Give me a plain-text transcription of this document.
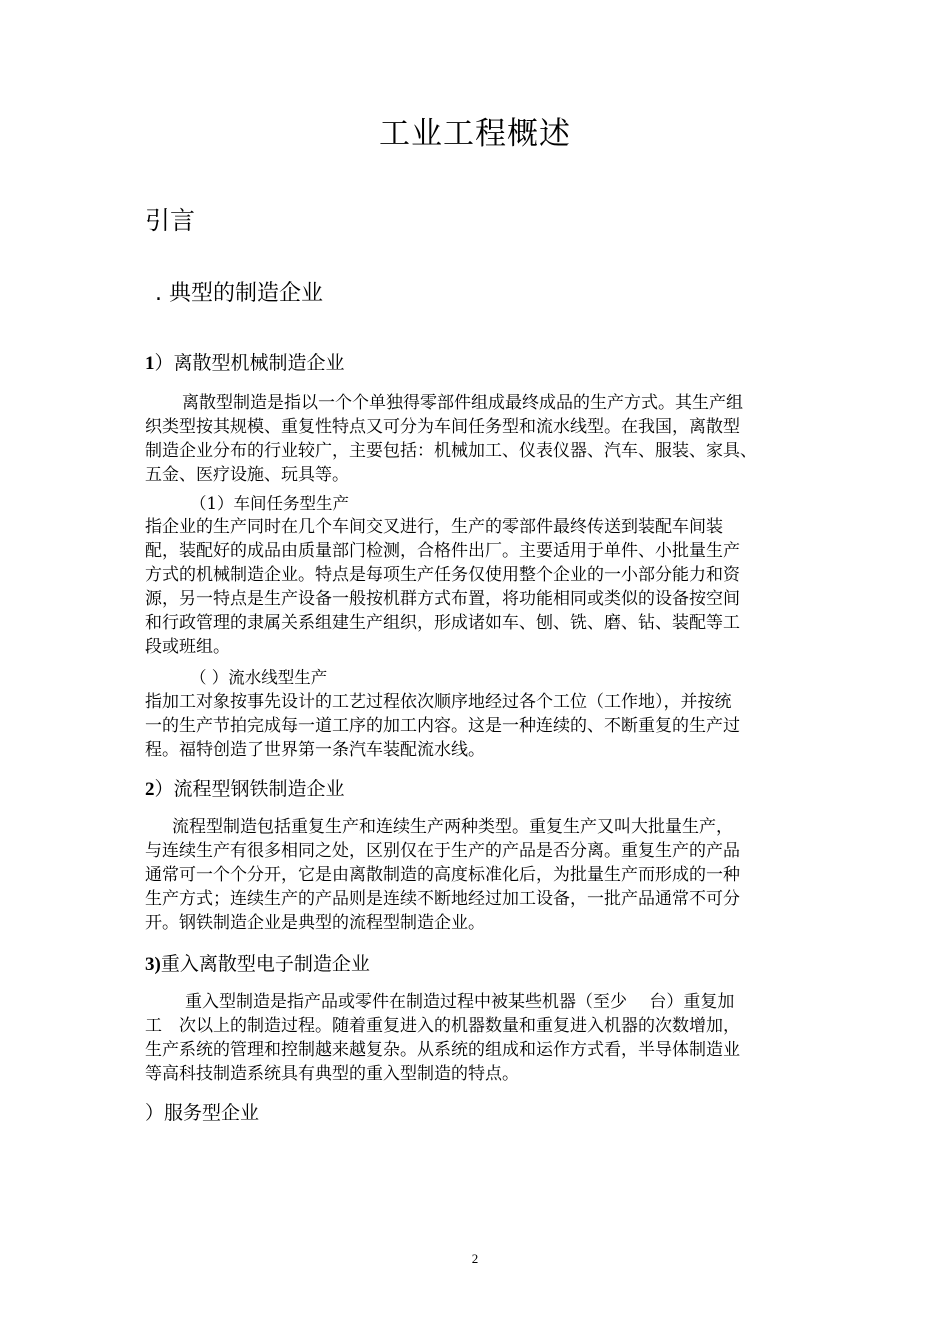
工业工程概述
引言
. 典型的制造企业
1）离散型机械制造企业
离散型制造是指以一个个单独得零部件组成最终成品的生产方式。其生产组
织类型按其规模、重复性特点又可分为车间任务型和流水线型。在我国，离散型
制造企业分布的行业较广，主要包括：机械加工、仪表仪器、汽车、服装、家具、
五金、医疗设施、玩具等。
（1）车间任务型生产
指企业的生产同时在几个车间交叉进行，生产的零部件最终传送到装配车间装
配，装配好的成品由质量部门检测，合格件出厂。主要适用于单件、小批量生产
方式的机械制造企业。特点是每项生产任务仅使用整个企业的一小部分能力和资
源，另一特点是生产设备一般按机群方式布置，将功能相同或类似的设备按空间
和行政管理的隶属关系组建生产组织，形成诸如车、刨、铣、磨、钻、装配等工
段或班组。
（ ）流水线型生产
指加工对象按事先设计的工艺过程依次顺序地经过各个工位（工作地），并按统
一的生产节拍完成每一道工序的加工内容。这是一种连续的、不断重复的生产过
程。福特创造了世界第一条汽车装配流水线。
2）流程型钢铁制造企业
流程型制造包括重复生产和连续生产两种类型。重复生产又叫大批量生产，
与连续生产有很多相同之处，区别仅在于生产的产品是否分离。重复生产的产品
通常可一个个分开，它是由离散制造的高度标准化后，为批量生产而形成的一种
生产方式；连续生产的产品则是连续不断地经过加工设备，一批产品通常不可分
开。钢铁制造企业是典型的流程型制造企业。
3)重入离散型电子制造企业
重入型制造是指产品或零件在制造过程中被某些机器（至少　 台）重复加
工　次以上的制造过程。随着重复进入的机器数量和重复进入机器的次数增加，
生产系统的管理和控制越来越复杂。从系统的组成和运作方式看，半导体制造业
等高科技制造系统具有典型的重入型制造的特点。
）服务型企业
2
